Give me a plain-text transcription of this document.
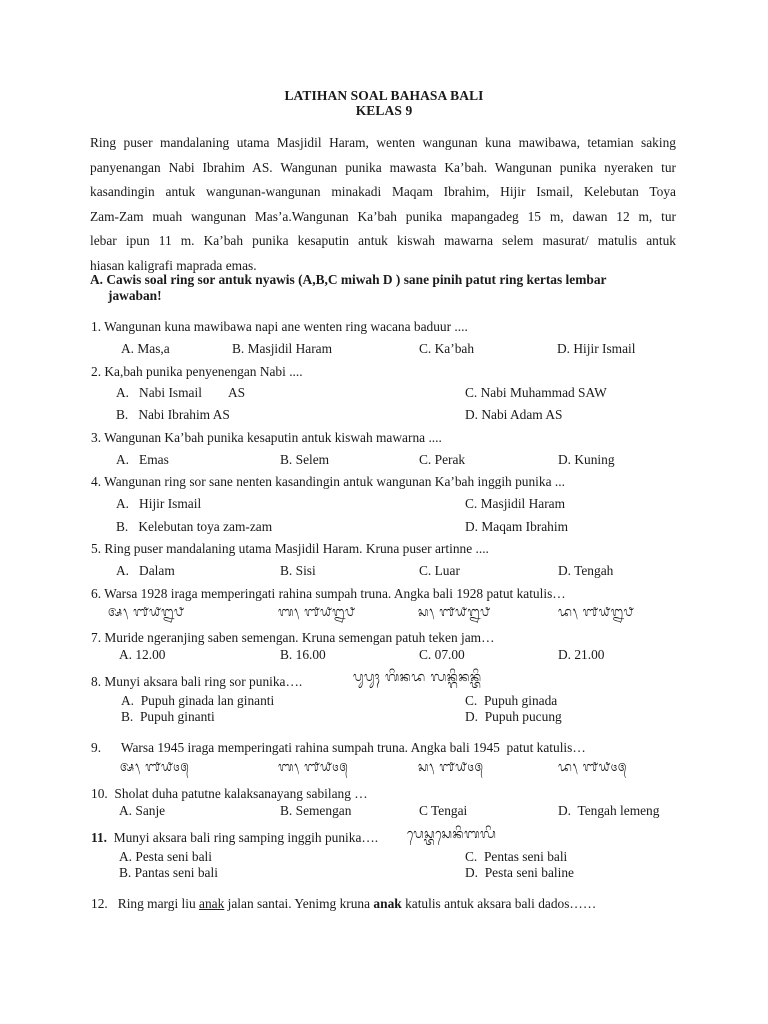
LATIHAN SOAL BAHASA BALI
KELAS 9
Ring puser mandalaning utama Masjidil Haram, wenten wangunan kuna mawibawa, tetamian saking
panyenangan Nabi Ibrahim AS. Wangunan punika mawasta Ka’bah. Wangunan punika nyeraken tur
kasandingin antuk wangunan-wangunan minakadi Maqam Ibrahim, Hijir Ismail, Kelebutan Toya
Zam-Zam muah wangunan Mas’a.Wangunan Ka’bah punika mapangadeg 15 m, dawan 12 m, tur
lebar ipun 11 m. Ka’bah punika kesaputin antuk kiswah mawarna selem masurat/ matulis antuk
hiasan kaligrafi maprada emas.
A. Cawis soal ring sor antuk nyawis (A,B,C miwah D ) sane pinih patut ring kertas lembar
jawaban!
1. Wangunan kuna mawibawa napi ane wenten ring wacana baduur ....
A. Mas,a	B. Masjidil Haram	C. Ka’bah	D. Hijir Ismail
2. Ka,bah punika penyenengan Nabi ....
A.   Nabi Ismail        AS	C. Nabi Muhammad SAW
B.   Nabi Ibrahim AS	D. Nabi Adam AS
3. Wangunan Ka’bah punika kesaputin antuk kiswah mawarna ....
A.   Emas	B. Selem	C. Perak	D. Kuning
4. Wangunan ring sor sane nenten kasandingin antuk wangunan Ka’bah inggih punika ...
A.   Hijir Ismail	C. Masjidil Haram
B.   Kelebutan toya zam-zam	D. Maqam Ibrahim
5. Ring puser mandalaning utama Masjidil Haram. Kruna puser artinne ....
A.   Dalam	B. Sisi	C. Luar	D. Tengah
6. Warsa 1928 iraga memperingati rahina sumpah truna. Angka bali 1928 patut katulis…
ᬅ᭞ ᭑᭙᭒᭘	ᬩ᭞ ᭑᭙᭒᭘	ᬲ᭞ ᭑᭙᭒᭘	ᬤ᭞ ᭑᭙᭒᭘
7. Muride ngeranjing saben semengan. Kruna semengan patuh teken jam…
A. 12.00	B. 16.00	C. 07.00	D. 21.00
8. Munyi aksara bali ring sor punika….	ᬧᬸᬧᬸᬄ ᬕᬶᬦᬤ ᬮᬦ᭄ᬕᬶᬦᬦ᭄ᬢᬶ
A.  Pupuh ginada lan ginanti	C.  Pupuh ginada
B.  Pupuh ginanti	D.  Pupuh pucung
9.      Warsa 1945 iraga memperingati rahina sumpah truna. Angka bali 1945  patut katulis…
ᬅ᭞ ᭑᭙᭔᭕	ᬩ᭞ ᭑᭙᭔᭕	ᬲ᭞ ᭑᭙᭔᭕	ᬤ᭞ ᭑᭙᭔᭕
10.  Sholat duha patutne kalaksanayang sabilang …
A. Sanje	B. Semengan	C Tengai	D.  Tengah lemeng
11.  Munyi aksara bali ring samping inggih punika…. ᬧᬾᬲ᭄ᬢᬲᬾᬦᬶᬩᬮᬶ
A. Pesta seni bali	C.  Pentas seni bali
B. Pantas seni bali	D.  Pesta seni baline
12.   Ring margi liu anak jalan santai. Yenimg kruna anak katulis antuk aksara bali dados……
